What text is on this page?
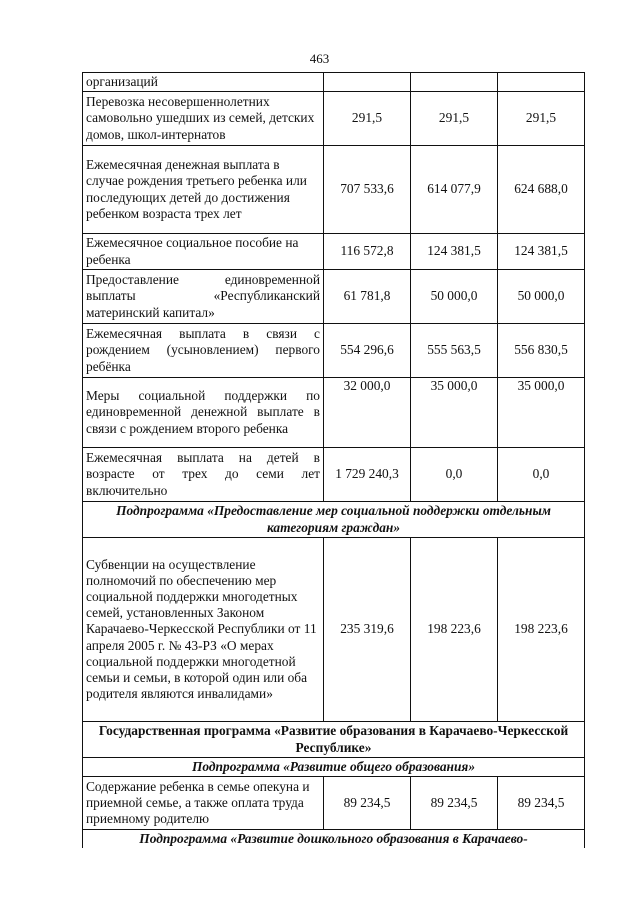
463
организаций			
Перевозка несовершеннолетних самовольно ушедших из семей, детских домов, школ-интернатов	291,5	291,5	291,5
Ежемесячная денежная выплата в случае рождения третьего ребенка или последующих детей до достижения ребенком возраста трех лет	707 533,6	614 077,9	624 688,0
Ежемесячное социальное пособие на ребенка	116 572,8	124 381,5	124 381,5
Предоставление единовременной выплаты «Республиканский материнский капитал»	61 781,8	50 000,0	50 000,0
Ежемесячная выплата в связи с рождением (усыновлением) первого ребёнка	554 296,6	555 563,5	556 830,5
Меры социальной поддержки по единовременной денежной выплате в связи с рождением второго ребенка	32 000,0	35 000,0	35 000,0
Ежемесячная выплата на детей в возрасте от трех до семи лет включительно	1 729 240,3	0,0	0,0
Подпрограмма «Предоставление мер социальной поддержки отдельным категориям граждан»			
Субвенции на осуществление полномочий по обеспечению мер социальной поддержки многодетных семей, установленных Законом Карачаево-Черкесской Республики от 11 апреля 2005 г. № 43-РЗ «О мерах социальной поддержки многодетной семьи и семьи, в которой один или оба родителя являются инвалидами»	235 319,6	198 223,6	198 223,6
Государственная программа «Развитие образования в Карачаево-Черкесской Республике»			
Подпрограмма «Развитие общего образования»			
Содержание ребенка в семье опекуна и приемной семье, а также оплата труда приемному родителю	89 234,5	89 234,5	89 234,5
Подпрограмма «Развитие дошкольного образования в Карачаево-			
